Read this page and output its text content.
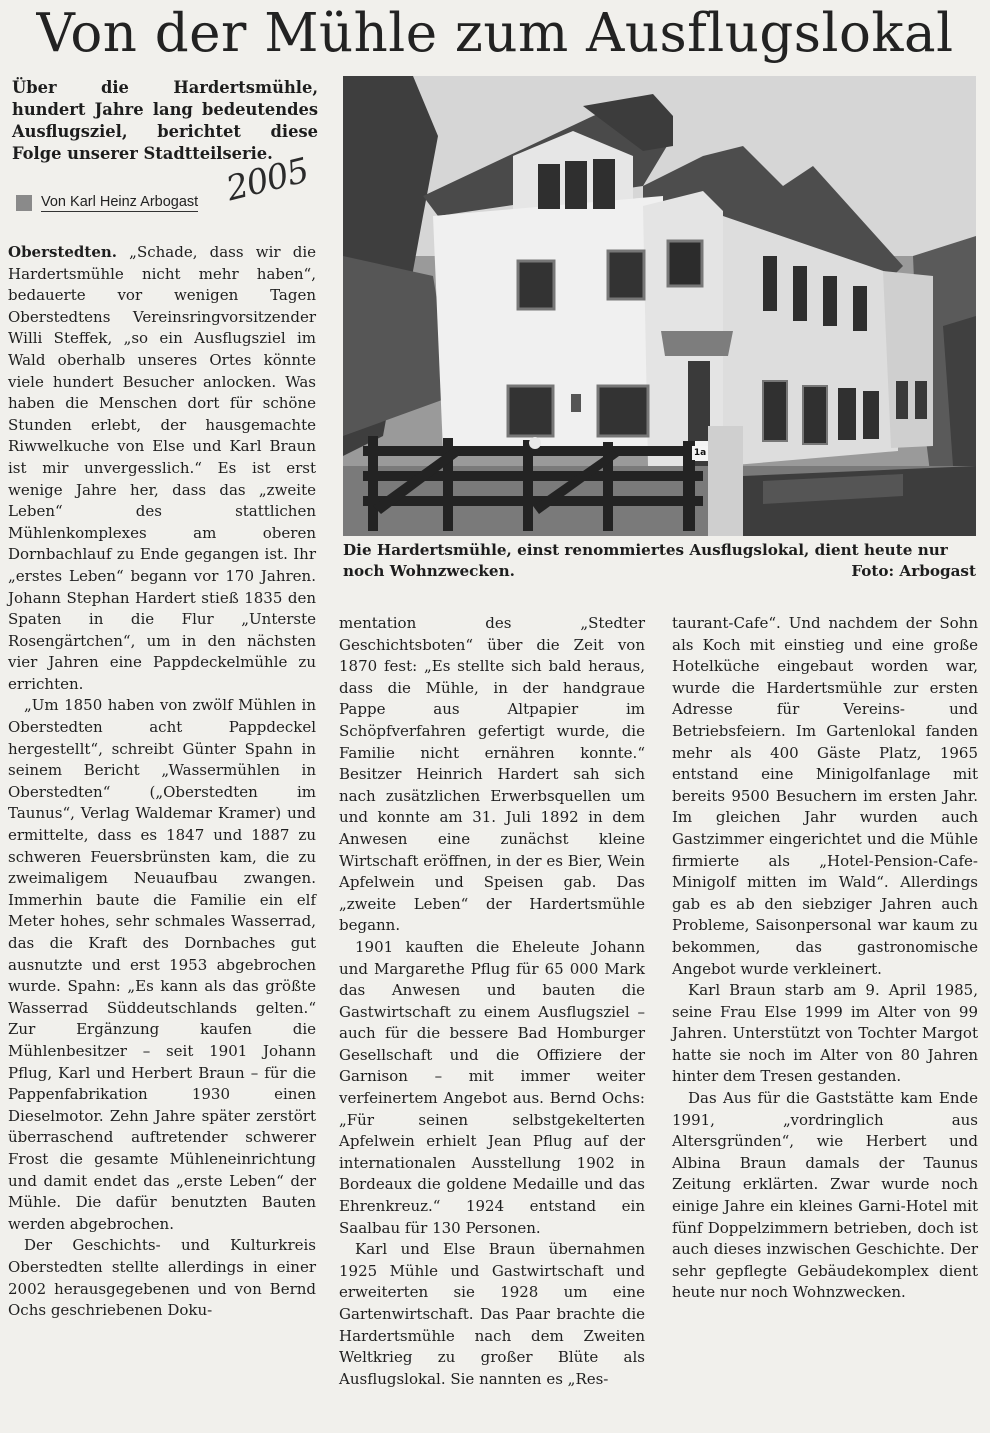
Von der Mühle zum Ausflugslokal
Über die Hardertsmühle, hundert Jahre lang bedeutendes Ausflugsziel, berichtet diese Folge unserer Stadtteilserie.
Von Karl Heinz Arbogast 2005
1a
Die Hardertsmühle, einst renommiertes Ausflugslokal, dient heute nur noch Wohnzwecken.	Foto: Arbogast

Oberstedten. „Schade, dass wir die Hardertsmühle nicht mehr haben“, bedauerte vor wenigen Tagen Oberstedtens Vereinsringvorsitzender Willi Steffek, „so ein Ausflugsziel im Wald oberhalb unseres Ortes könnte viele hundert Besucher anlocken. Was haben die Menschen dort für schöne Stunden erlebt, der hausgemachte Riwwelkuche von Else und Karl Braun ist mir unvergesslich.“ Es ist erst wenige Jahre her, dass das „zweite Leben“ des stattlichen Mühlenkomplexes am oberen Dornbachlauf zu Ende gegangen ist. Ihr „erstes Leben“ begann vor 170 Jahren. Johann Stephan Hardert stieß 1835 den Spaten in die Flur „Unterste Rosengärtchen“, um in den nächsten vier Jahren eine Pappdeckelmühle zu errichten.

„Um 1850 haben von zwölf Mühlen in Oberstedten acht Pappdeckel hergestellt“, schreibt Günter Spahn in seinem Bericht „Wassermühlen in Oberstedten“ („Oberstedten im Taunus“, Verlag Waldemar Kramer) und ermittelte, dass es 1847 und 1887 zu schweren Feuersbrünsten kam, die zu zweimaligem Neuaufbau zwangen. Immerhin baute die Familie ein elf Meter hohes, sehr schmales Wasserrad, das die Kraft des Dornbaches gut ausnutzte und erst 1953 abgebrochen wurde. Spahn: „Es kann als das größte Wasserrad Süddeutschlands gelten.“ Zur Ergänzung kaufen die Mühlenbesitzer – seit 1901 Johann Pflug, Karl und Herbert Braun – für die Pappenfabrikation 1930 einen Dieselmotor. Zehn Jahre später zerstört überraschend auftretender schwerer Frost die gesamte Mühleneinrichtung und damit endet das „erste Leben“ der Mühle. Die dafür benutzten Bauten werden abgebrochen.

Der Geschichts- und Kulturkreis Oberstedten stellte allerdings in einer 2002 herausgegebenen und von Bernd Ochs geschriebenen Doku-

mentation des „Stedter Geschichtsboten“ über die Zeit von 1870 fest: „Es stellte sich bald heraus, dass die Mühle, in der handgraue Pappe aus Altpapier im Schöpfverfahren gefertigt wurde, die Familie nicht ernähren konnte.“ Besitzer Heinrich Hardert sah sich nach zusätzlichen Erwerbsquellen um und konnte am 31. Juli 1892 in dem Anwesen eine zunächst kleine Wirtschaft eröffnen, in der es Bier, Wein Apfelwein und Speisen gab. Das „zweite Leben“ der Hardertsmühle begann.

1901 kauften die Eheleute Johann und Margarethe Pflug für 65 000 Mark das Anwesen und bauten die Gastwirtschaft zu einem Ausflugsziel – auch für die bessere Bad Homburger Gesellschaft und die Offiziere der Garnison – mit immer weiter verfeinertem Angebot aus. Bernd Ochs: „Für seinen selbstgekelterten Apfelwein erhielt Jean Pflug auf der internationalen Ausstellung 1902 in Bordeaux die goldene Medaille und das Ehrenkreuz.“ 1924 entstand ein Saalbau für 130 Personen.

Karl und Else Braun übernahmen 1925 Mühle und Gastwirtschaft und erweiterten sie 1928 um eine Gartenwirtschaft. Das Paar brachte die Hardertsmühle nach dem Zweiten Weltkrieg zu großer Blüte als Ausflugslokal. Sie nannten es „Res-

taurant-Cafe“. Und nachdem der Sohn als Koch mit einstieg und eine große Hotelküche eingebaut worden war, wurde die Hardertsmühle zur ersten Adresse für Vereins- und Betriebsfeiern. Im Gartenlokal fanden mehr als 400 Gäste Platz, 1965 entstand eine Minigolfanlage mit bereits 9500 Besuchern im ersten Jahr. Im gleichen Jahr wurden auch Gastzimmer eingerichtet und die Mühle firmierte als „Hotel-Pension-Cafe-Minigolf mitten im Wald“. Allerdings gab es ab den siebziger Jahren auch Probleme, Saisonpersonal war kaum zu bekommen, das gastronomische Angebot wurde verkleinert.

Karl Braun starb am 9. April 1985, seine Frau Else 1999 im Alter von 99 Jahren. Unterstützt von Tochter Margot hatte sie noch im Alter von 80 Jahren hinter dem Tresen gestanden.

Das Aus für die Gaststätte kam Ende 1991, „vordringlich aus Altersgründen“, wie Herbert und Albina Braun damals der Taunus Zeitung erklärten. Zwar wurde noch einige Jahre ein kleines Garni-Hotel mit fünf Doppelzimmern betrieben, doch ist auch dieses inzwischen Geschichte. Der sehr gepflegte Gebäudekomplex dient heute nur noch Wohnzwecken.
